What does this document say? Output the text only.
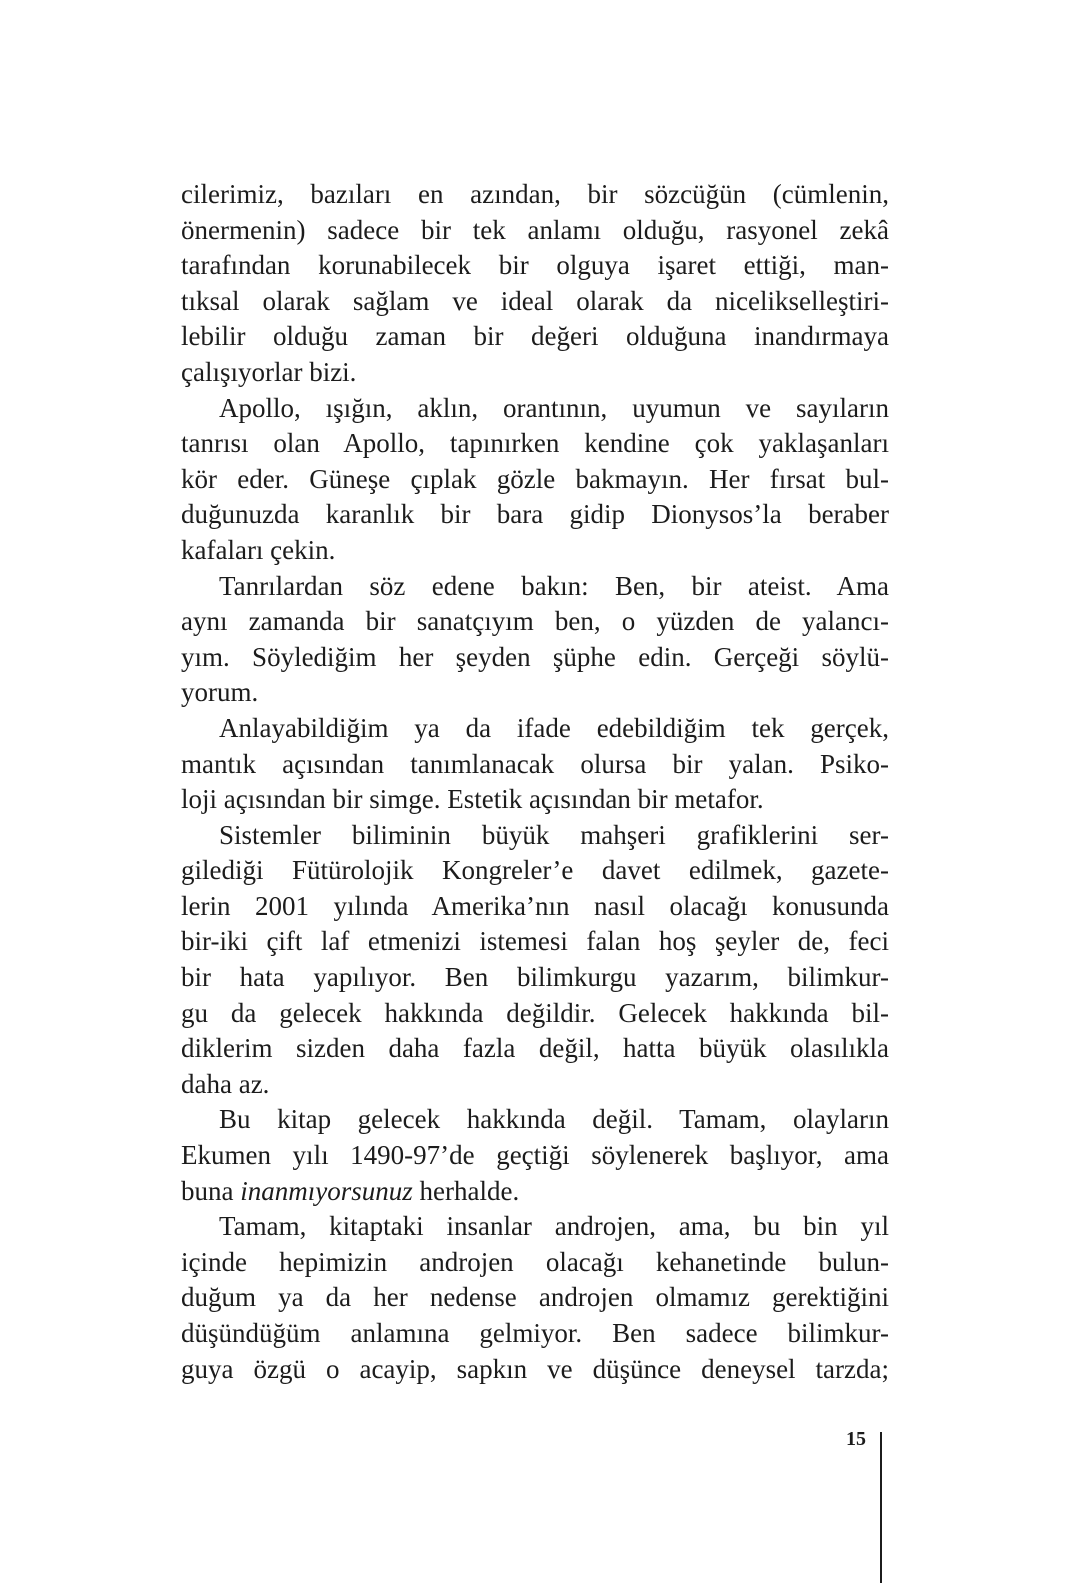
cilerimiz, bazıları en azından, bir sözcüğün (cümlenin,
önermenin) sadece bir tek anlamı olduğu, rasyonel zekâ
tarafından korunabilecek bir olguya işaret ettiği, man-
tıksal olarak sağlam ve ideal olarak da nicelikselleştiri-
lebilir olduğu zaman bir değeri olduğuna inandırmaya
çalışıyorlar bizi.
Apollo, ışığın, aklın, orantının, uyumun ve sayıların
tanrısı olan Apollo, tapınırken kendine çok yaklaşanları
kör eder. Güneşe çıplak gözle bakmayın. Her fırsat bul-
duğunuzda karanlık bir bara gidip Dionysos’la beraber
kafaları çekin.
Tanrılardan söz edene bakın: Ben, bir ateist. Ama
aynı zamanda bir sanatçıyım ben, o yüzden de yalancı-
yım. Söylediğim her şeyden şüphe edin. Gerçeği söylü-
yorum.
Anlayabildiğim ya da ifade edebildiğim tek gerçek,
mantık açısından tanımlanacak olursa bir yalan. Psiko-
loji açısından bir simge. Estetik açısından bir metafor.
Sistemler biliminin büyük mahşeri grafiklerini ser-
gilediği Fütürolojik Kongreler’e davet edilmek, gazete-
lerin 2001 yılında Amerika’nın nasıl olacağı konusunda
bir-iki çift laf etmenizi istemesi falan hoş şeyler de, feci
bir hata yapılıyor. Ben bilimkurgu yazarım, bilimkur-
gu da gelecek hakkında değildir. Gelecek hakkında bil-
diklerim sizden daha fazla değil, hatta büyük olasılıkla
daha az.
Bu kitap gelecek hakkında değil. Tamam, olayların
Ekumen yılı 1490-97’de geçtiği söylenerek başlıyor, ama
buna inanmıyorsunuz herhalde.
Tamam, kitaptaki insanlar androjen, ama, bu bin yıl
içinde hepimizin androjen olacağı kehanetinde bulun-
duğum ya da her nedense androjen olmamız gerektiğini
düşündüğüm anlamına gelmiyor. Ben sadece bilimkur-
guya özgü o acayip, sapkın ve düşünce deneysel tarzda;
15
